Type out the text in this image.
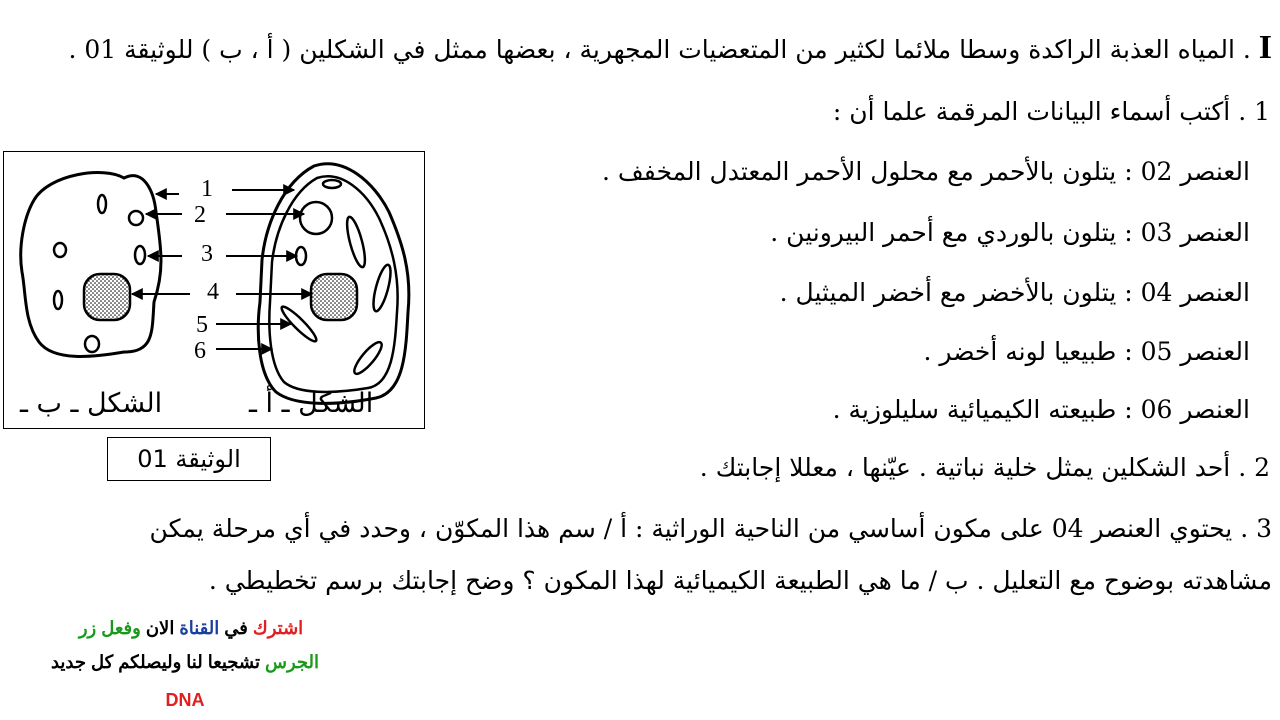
I . المياه العذبة الراكدة وسطا ملائما لكثير من المتعضيات المجهرية ، بعضها ممثل في الشكلين ( أ ، ب ) للوثيقة 01 .
1 . أكتب أسماء البيانات المرقمة علما أن :
العنصر 02 : يتلون بالأحمر مع محلول الأحمر المعتدل المخفف .
العنصر 03 : يتلون بالوردي مع أحمر البيرونين .
العنصر 04 : يتلون بالأخضر مع أخضر الميثيل .
العنصر 05 : طبيعيا لونه أخضر .
العنصر 06 : طبيعته الكيميائية سليلوزية .
2 . أحد الشكلين يمثل خلية نباتية . عيّنها ، معللا إجابتك .
3 . يحتوي العنصر 04 على مكون أساسي من الناحية الوراثية : أ / سم هذا المكوّن ، وحدد في أي مرحلة يمكن
مشاهدته بوضوح مع التعليل . ب / ما هي الطبيعة الكيميائية لهذا المكون ؟ وضح إجابتك برسم تخطيطي .
1
2
3
4
5
6
الشكل ـ أ ـ
الشكل ـ ب ـ
الوثيقة 01
اشترك في القناة الان وفعل زر
الجرس تشجيعا لنا وليصلكم كل جديد
DNA
